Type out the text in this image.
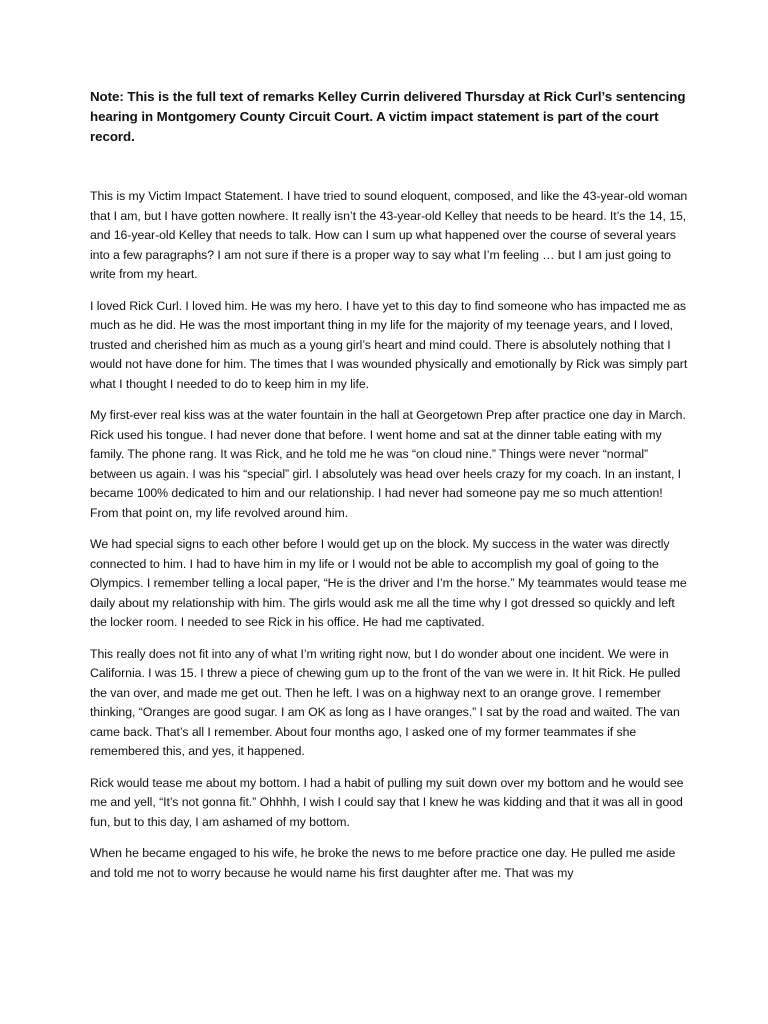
Note: This is the full text of remarks Kelley Currin delivered Thursday at Rick Curl’s sentencing hearing in Montgomery County Circuit Court. A victim impact statement is part of the court record.

This is my Victim Impact Statement. I have tried to sound eloquent, composed, and like the 43-year-old woman that I am, but I have gotten nowhere. It really isn’t the 43-year-old Kelley that needs to be heard. It’s the 14, 15, and 16-year-old Kelley that needs to talk. How can I sum up what happened over the course of several years into a few paragraphs? I am not sure if there is a proper way to say what I’m feeling … but I am just going to write from my heart.

I loved Rick Curl. I loved him. He was my hero. I have yet to this day to find someone who has impacted me as much as he did. He was the most important thing in my life for the majority of my teenage years, and I loved, trusted and cherished him as much as a young girl’s heart and mind could. There is absolutely nothing that I would not have done for him. The times that I was wounded physically and emotionally by Rick was simply part what I thought I needed to do to keep him in my life.

My first-ever real kiss was at the water fountain in the hall at Georgetown Prep after practice one day in March. Rick used his tongue. I had never done that before. I went home and sat at the dinner table eating with my family. The phone rang. It was Rick, and he told me he was “on cloud nine.” Things were never “normal” between us again. I was his “special” girl. I absolutely was head over heels crazy for my coach. In an instant, I became 100% dedicated to him and our relationship. I had never had someone pay me so much attention! From that point on, my life revolved around him.

We had special signs to each other before I would get up on the block. My success in the water was directly connected to him. I had to have him in my life or I would not be able to accomplish my goal of going to the Olympics. I remember telling a local paper, “He is the driver and I’m the horse.” My teammates would tease me daily about my relationship with him. The girls would ask me all the time why I got dressed so quickly and left the locker room. I needed to see Rick in his office. He had me captivated.

This really does not fit into any of what I’m writing right now, but I do wonder about one incident. We were in California. I was 15. I threw a piece of chewing gum up to the front of the van we were in. It hit Rick. He pulled the van over, and made me get out. Then he left. I was on a highway next to an orange grove. I remember thinking, “Oranges are good sugar. I am OK as long as I have oranges.” I sat by the road and waited. The van came back. That’s all I remember. About four months ago, I asked one of my former teammates if she remembered this, and yes, it happened.

Rick would tease me about my bottom. I had a habit of pulling my suit down over my bottom and he would see me and yell, “It’s not gonna fit.” Ohhhh, I wish I could say that I knew he was kidding and that it was all in good fun, but to this day, I am ashamed of my bottom.

When he became engaged to his wife, he broke the news to me before practice one day. He pulled me aside and told me not to worry because he would name his first daughter after me. That was my
